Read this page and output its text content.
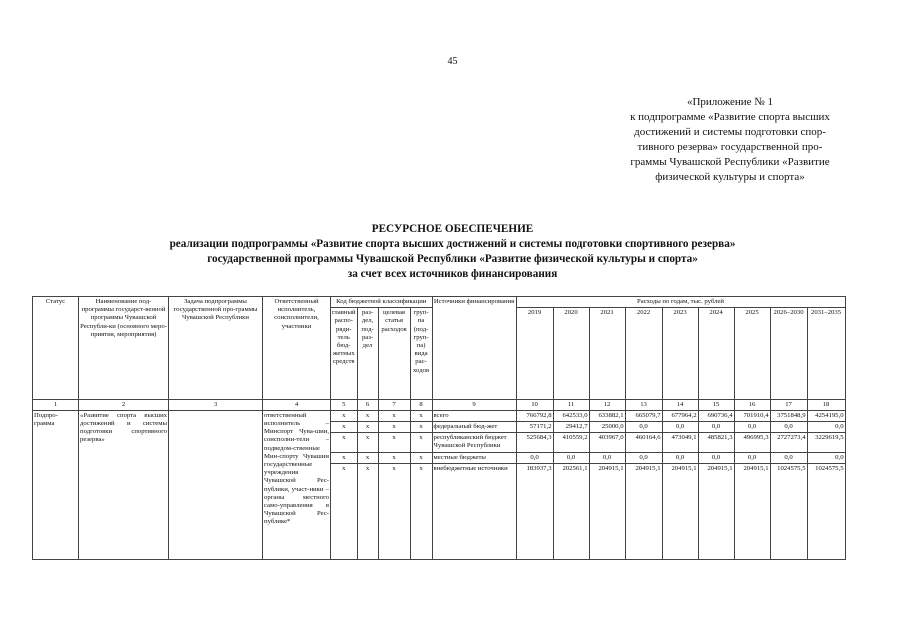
45
«Приложение № 1
к подпрограмме «Развитие спорта высших
достижений и системы подготовки спор-
тивного резерва» государственной про-
граммы Чувашской Республики «Развитие
физической культуры и спорта»
РЕСУРСНОЕ ОБЕСПЕЧЕНИЕ
реализации подпрограммы «Развитие спорта высших достижений и системы подготовки спортивного резерва»
государственной программы Чувашской Республики «Развитие физической культуры и спорта»
за счет всех источников финансирования
Статус	Наименование под-программы государст-венной программы Чувашской Республи-ки (основного меро-приятия, мероприятия)	Задача подпрограммы государственной про-граммы Чувашской Республики	Ответственный исполнитель, соисполнители, участники	Код бюджетной классификации				Источники финансирования	Расходы по годам, тыс. рублей								
				главный распо-ряди-тель бюд-жетных средств	раз-дел, под-раз-дел	целевая статья расходов	груп-па (под-груп-па) вида рас-ходов		2019	2020	2021	2022	2023	2024	2025	2026–2030	2031–2035
1	2	3	4	5	6	7	8	9	10	11	12	13	14	15	16	17	18
Подпро-грамма	«Развитие спорта высших достижений и системы подготовки спортивного резерва»		ответственный исполнитель – Минспорт Чува-шии, соисполни-тели – подведом-ственные Мин-спорту Чувашии государственные учреждения Чувашской Рес-публики, участ-ники – органы местного само-управления в Чувашской Рес-публике*	x	x	x	x	всего	766792,8	642533,0	633882,1	665079,7	677964,2	690736,4	701910,4	3751848,9	4254195,0
				x	x	x	x	федеральный бюд-жет	57171,2	29412,7	25000,0	0,0	0,0	0,0	0,0	0,0	0,0
				x	x	x	x	республиканский бюджет Чувашской Республики	525684,3	410559,2	403967,0	460164,6	473049,1	485821,3	496995,3	2727273,4	3229619,5
				x	x	x	x	местные бюджеты	0,0	0,0	0,0	0,0	0,0	0,0	0,0	0,0	0,0
				x	x	x	x	внебюджетные источники	183937,3	202561,1	204915,1	204915,1	204915,1	204915,1	204915,1	1024575,5	1024575,5
